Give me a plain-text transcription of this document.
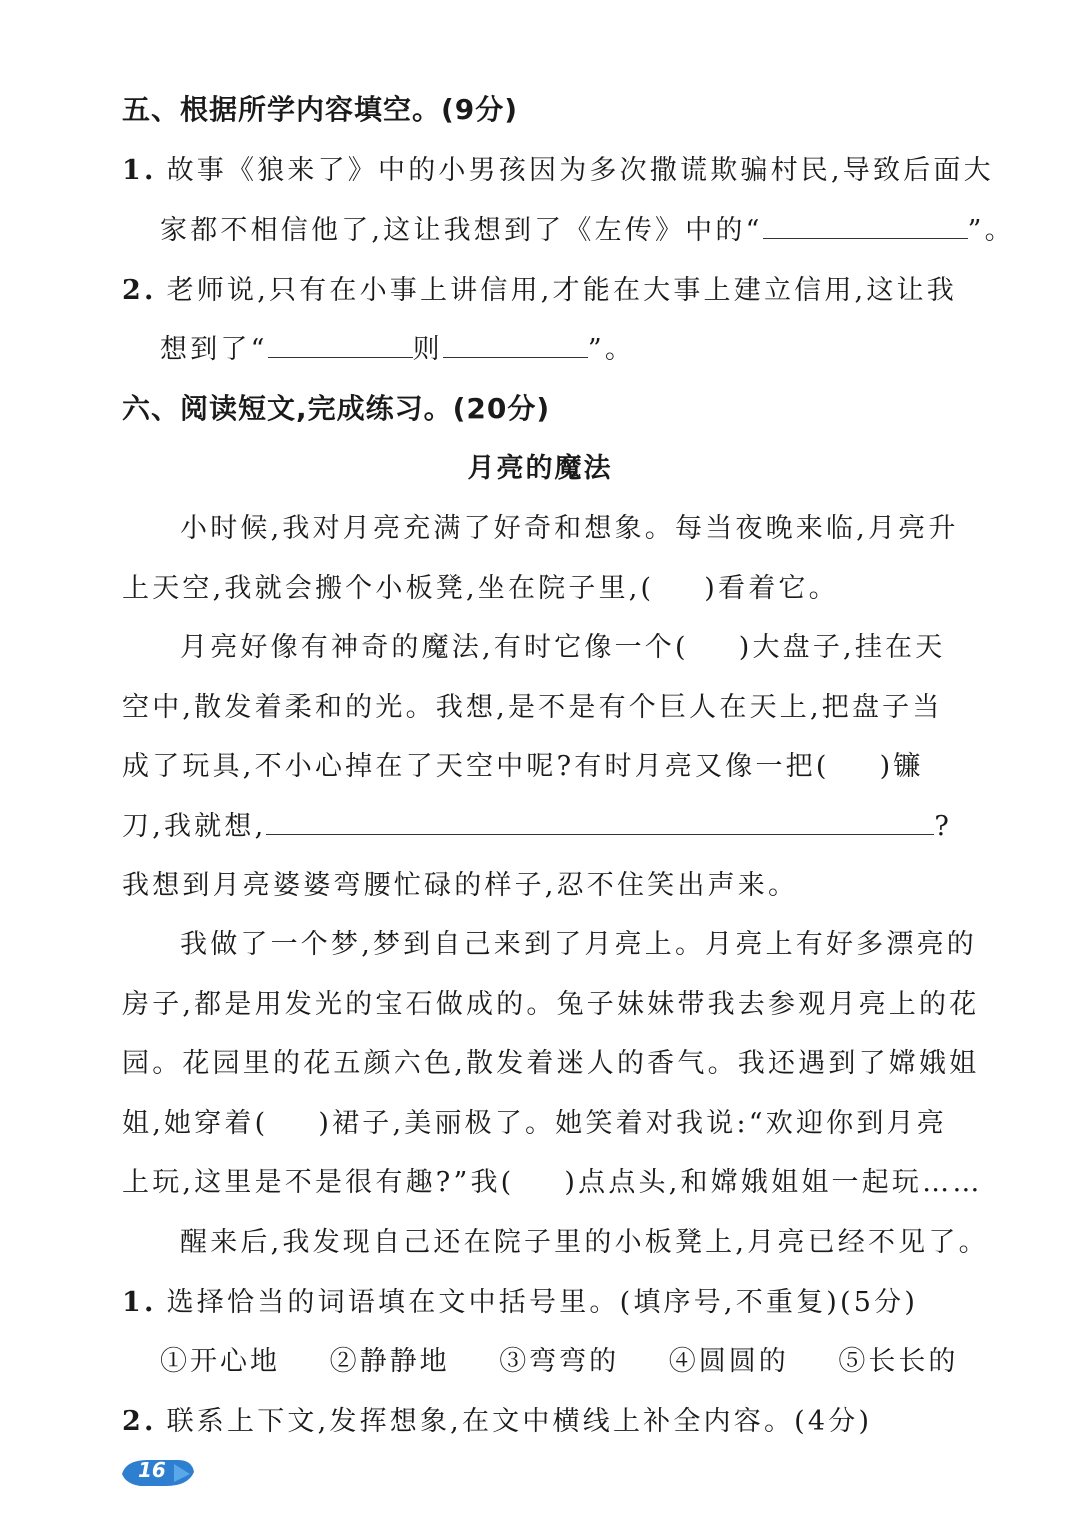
五、根据所学内容填空。(9分)
1. 故事《狼来了》中的小男孩因为多次撒谎欺骗村民,导致后面大
家都不相信他了,这让我想到了《左传》中的“	”。
2. 老师说,只有在小事上讲信用,才能在大事上建立信用,这让我
想到了“	则	”。
六、阅读短文,完成练习。(20分)
月亮的魔法
小时候,我对月亮充满了好奇和想象。每当夜晚来临,月亮升
上天空,我就会搬个小板凳,坐在院子里,( )看着它。
月亮好像有神奇的魔法,有时它像一个( )大盘子,挂在天
空中,散发着柔和的光。我想,是不是有个巨人在天上,把盘子当
成了玩具,不小心掉在了天空中呢?有时月亮又像一把( )镰
刀,我就想,	?
我想到月亮婆婆弯腰忙碌的样子,忍不住笑出声来。
我做了一个梦,梦到自己来到了月亮上。月亮上有好多漂亮的
房子,都是用发光的宝石做成的。兔子妹妹带我去参观月亮上的花
园。花园里的花五颜六色,散发着迷人的香气。我还遇到了嫦娥姐
姐,她穿着( )裙子,美丽极了。她笑着对我说:“欢迎你到月亮
上玩,这里是不是很有趣?”我( )点点头,和嫦娥姐姐一起玩……
醒来后,我发现自己还在院子里的小板凳上,月亮已经不见了。
1. 选择恰当的词语填在文中括号里。(填序号,不重复)(5分)
①开心地 ②静静地 ③弯弯的 ④圆圆的 ⑤长长的
2. 联系上下文,发挥想象,在文中横线上补全内容。(4分)
16
